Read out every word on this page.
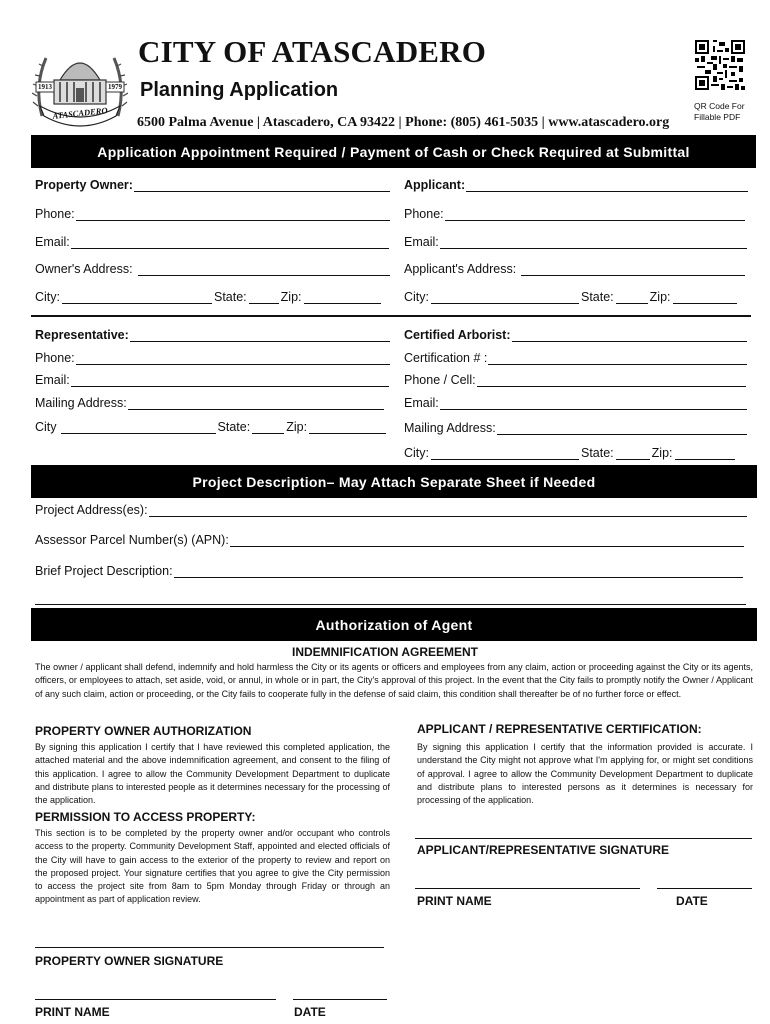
1913	1979
ATASCADERO
CITY OF ATASCADERO
Planning Application
6500 Palma Avenue | Atascadero, CA 93422 | Phone: (805) 461-5035 | www.atascadero.org
QR Code For
Fillable PDF
Application Appointment Required / Payment of Cash or Check Required at Submittal
Property Owner:	Applicant:
Phone:	Phone:
Email:	Email:
Owner's Address:	Applicant's Address:
City:	State:	Zip:	City:	State:	Zip:
Representative:	Certified Arborist:
Phone:	Certification # :
Email:	Phone / Cell:
Mailing Address:	Email:
City	State:	Zip:	Mailing Address:
City:	State:	Zip:
Project Description– May Attach Separate Sheet if Needed
Project Address(es):
Assessor Parcel Number(s) (APN):
Brief Project Description:
Authorization of Agent
INDEMNIFICATION AGREEMENT

The owner / applicant shall defend, indemnify and hold harmless the City or its agents or officers and employees from any claim, action or proceeding against the City or its agents, officers, or employees to attach, set aside, void, or annul, in whole or in part, the City's approval of this project. In the event that the City fails to promptly notify the Owner / Applicant of any such claim, action or proceeding, or the City fails to cooperate fully in the defense of said claim, this condition shall thereafter be of no further force or effect.

PROPERTY OWNER AUTHORIZATION

By signing this application I certify that I have reviewed this completed application, the attached material and the above indemnification agreement, and consent to the filing of this application. I agree to allow the Community Development Department to duplicate and distribute plans to interested people as it determines necessary for the processing of the application.

PERMISSION TO ACCESS PROPERTY:

This section is to be completed by the property owner and/or occupant who controls access to the property. Community Development Staff, appointed and elected officials of the City will have to gain access to the exterior of the property to review and report on the proposed project. Your signature certifies that you agree to give the City permission to access the project site from 8am to 5pm Monday through Friday or through an appointment as part of application review.

PROPERTY OWNER SIGNATURE
PRINT NAME	DATE
APPLICANT / REPRESENTATIVE CERTIFICATION:

By signing this application I certify that the information provided is accurate. I understand the City might not approve what I'm applying for, or might set conditions of approval. I agree to allow the Community Development Department to duplicate and distribute plans to interested persons as it determines is necessary for processing of the application.

APPLICANT/REPRESENTATIVE SIGNATURE
PRINT NAME	DATE
